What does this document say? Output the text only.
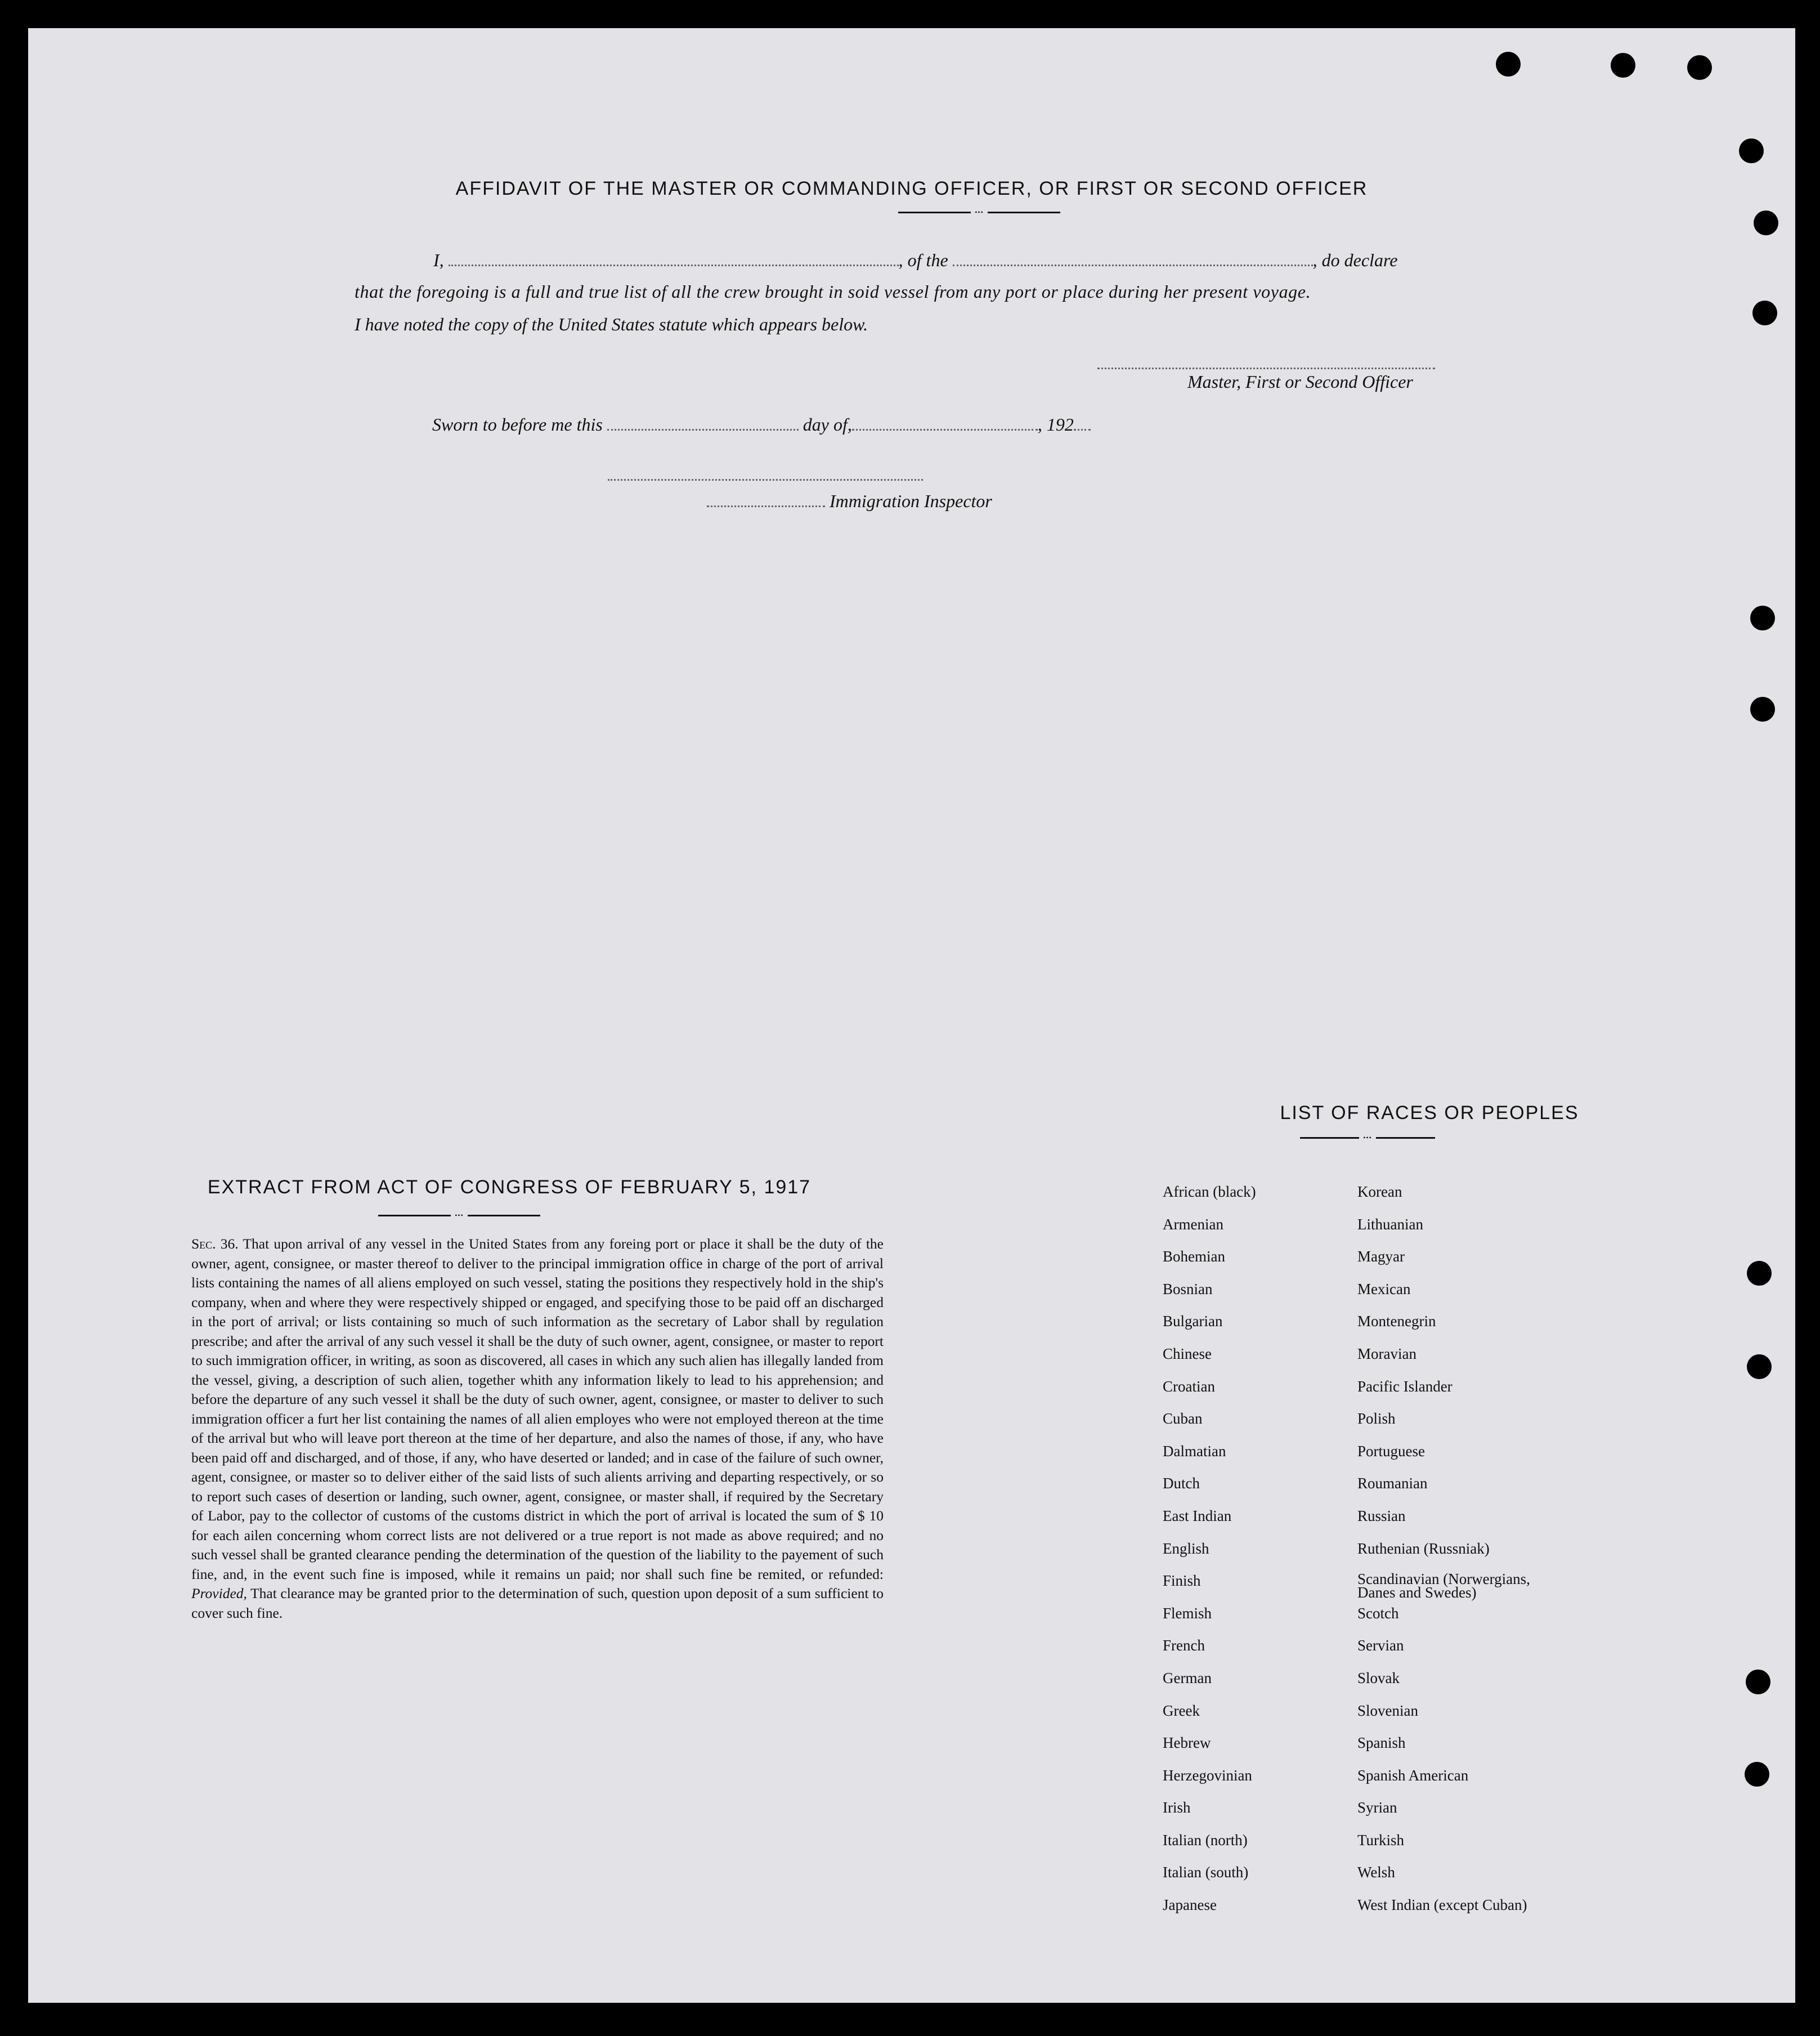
AFFIDAVIT OF THE MASTER OR COMMANDING OFFICER, OR FIRST OR SECOND OFFICER
•••
I,	, of the	, do declare
that the foregoing is a full and true list of all the crew brought in soid vessel from any port or place during her present voyage.
I have noted the copy of the United States statute which appears below.
Master, First or Second Officer
Sworn to before me this	day of,	, 192
Immigration Inspector
EXTRACT FROM ACT OF CONGRESS OF FEBRUARY 5, 1917
•••
Sec. 36. That upon arrival of any vessel in the United States from any foreing port or place it shall be the duty of the owner, agent, consignee, or master thereof to deliver to the principal immigration office in charge of the port of arrival lists containing the names of all aliens employed on such vessel, stating the positions they respectively hold in the ship's company, when and where they were respectively shipped or engaged, and specifying those to be paid off an discharged in the port of arrival; or lists containing so much of such information as the secretary of Labor shall by regulation prescribe; and after the arrival of any such vessel it shall be the duty of such owner, agent, consignee, or master to report to such immigration officer, in writing, as soon as discovered, all cases in which any such alien has illegally landed from the vessel, giving, a description of such alien, together whith any information likely to lead to his apprehension; and before the departure of any such vessel it shall be the duty of such owner, agent, consignee, or master to deliver to such immigration officer a furt her list containing the names of all alien employes who were not employed thereon at the time of the arrival but who will leave port thereon at the time of her departure, and also the names of those, if any, who have been paid off and discharged, and of those, if any, who have deserted or landed; and in case of the failure of such owner, agent, consignee, or master so to deliver either of the said lists of such alients arriving and departing respectively, or so to report such cases of desertion or landing, such owner, agent, consignee, or master shall, if required by the Secretary of Labor, pay to the collector of customs of the customs district in which the port of arrival is located the sum of $ 10 for each ailen concerning whom correct lists are not delivered or a true report is not made as above required; and no such vessel shall be granted clearance pending the determination of the question of the liability to the payement of such fine, and, in the event such fine is imposed, while it remains un paid; nor shall such fine be remited, or refunded: Provided, That clearance may be granted prior to the determination of such, question upon deposit of a sum sufficient to cover such fine.
LIST OF RACES OR PEOPLES
•••
African (black)	Korean
Armenian	Lithuanian
Bohemian	Magyar
Bosnian	Mexican
Bulgarian	Montenegrin
Chinese	Moravian
Croatian	Pacific Islander
Cuban	Polish
Dalmatian	Portuguese
Dutch	Roumanian
East Indian	Russian
English	Ruthenian (Russniak)
Finish	Scandinavian (Norwergians, Danes and Swedes)
Flemish	Scotch
French	Servian
German	Slovak
Greek	Slovenian
Hebrew	Spanish
Herzegovinian	Spanish American
Irish	Syrian
Italian (north)	Turkish
Italian (south)	Welsh
Japanese	West Indian (except Cuban)
